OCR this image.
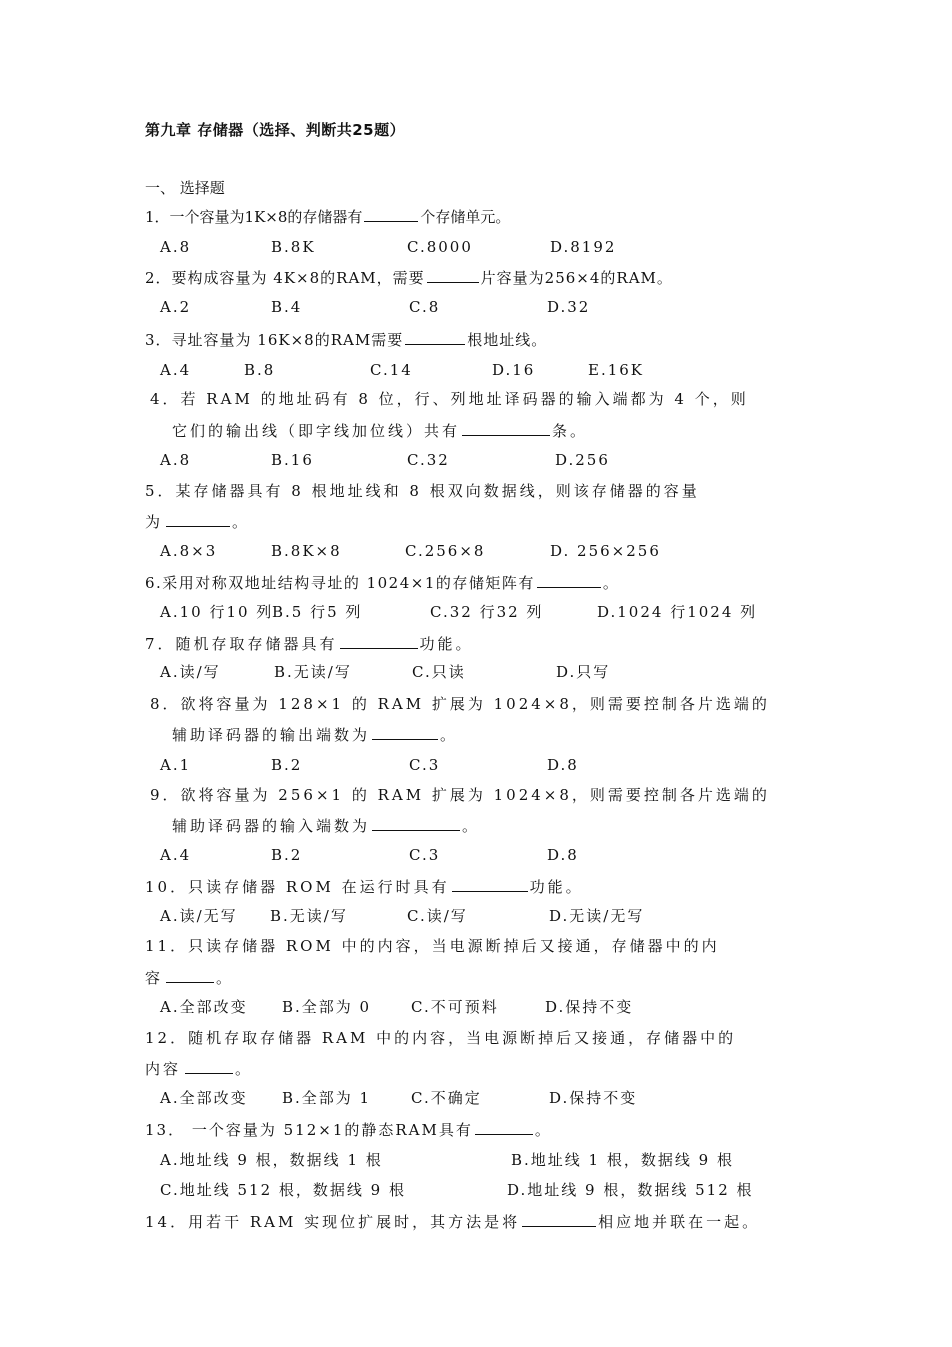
第九章 存储器（选择、判断共25题）
一、 选择题
1．一个容量为1K×8的存储器有	个存储单元。
A.8	B.8K	C.8000	D.8192
2．要构成容量为 4K×8的RAM，需要	片容量为256×4的RAM。
A.2	B.4	C.8	D.32
3．寻址容量为 16K×8的RAM需要	根地址线。
A.4	B.8	C.14	D.16	E.16K
4．若 RAM 的地址码有 8 位，行、列地址译码器的输入端都为 4 个，则
它们的输出线（即字线加位线）共有	条。
A.8	B.16	C.32	D.256
5．某存储器具有 8 根地址线和 8 根双向数据线，则该存储器的容量
为	。
A.8×3	B.8K×8	C.256×8	D. 256×256
6.采用对称双地址结构寻址的 1024×1的存储矩阵有	。
A.10 行10 列
B.5 行5 列	C.32 行32 列	D.1024 行1024 列
7．随机存取存储器具有	功能。
A.读/写	B.无读/写	C.只读	D.只写
8．欲将容量为 128×1 的 RAM 扩展为 1024×8，则需要控制各片选端的
辅助译码器的输出端数为	。
A.1	B.2	C.3	D.8
9．欲将容量为 256×1 的 RAM 扩展为 1024×8，则需要控制各片选端的
辅助译码器的输入端数为	。
A.4	B.2	C.3	D.8
10．只读存储器 ROM 在运行时具有	功能。
A.读/无写 B.无读/写	C.读/写	D.无读/无写
11．只读存储器 ROM 中的内容，当电源断掉后又接通，存储器中的内
容	。
A.全部改变 B.全部为 0	C.不可预料	D.保持不变
12．随机存取存储器 RAM 中的内容，当电源断掉后又接通，存储器中的
内容	。
A.全部改变 B.全部为 1	C.不确定	D.保持不变
13． 一个容量为 512×1的静态RAM具有	。
A.地址线 9 根，数据线 1 根	B.地址线 1 根，数据线 9 根
C.地址线 512 根，数据线 9 根	D.地址线 9 根，数据线 512 根
14．用若干 RAM 实现位扩展时，其方法是将	相应地并联在一起。
